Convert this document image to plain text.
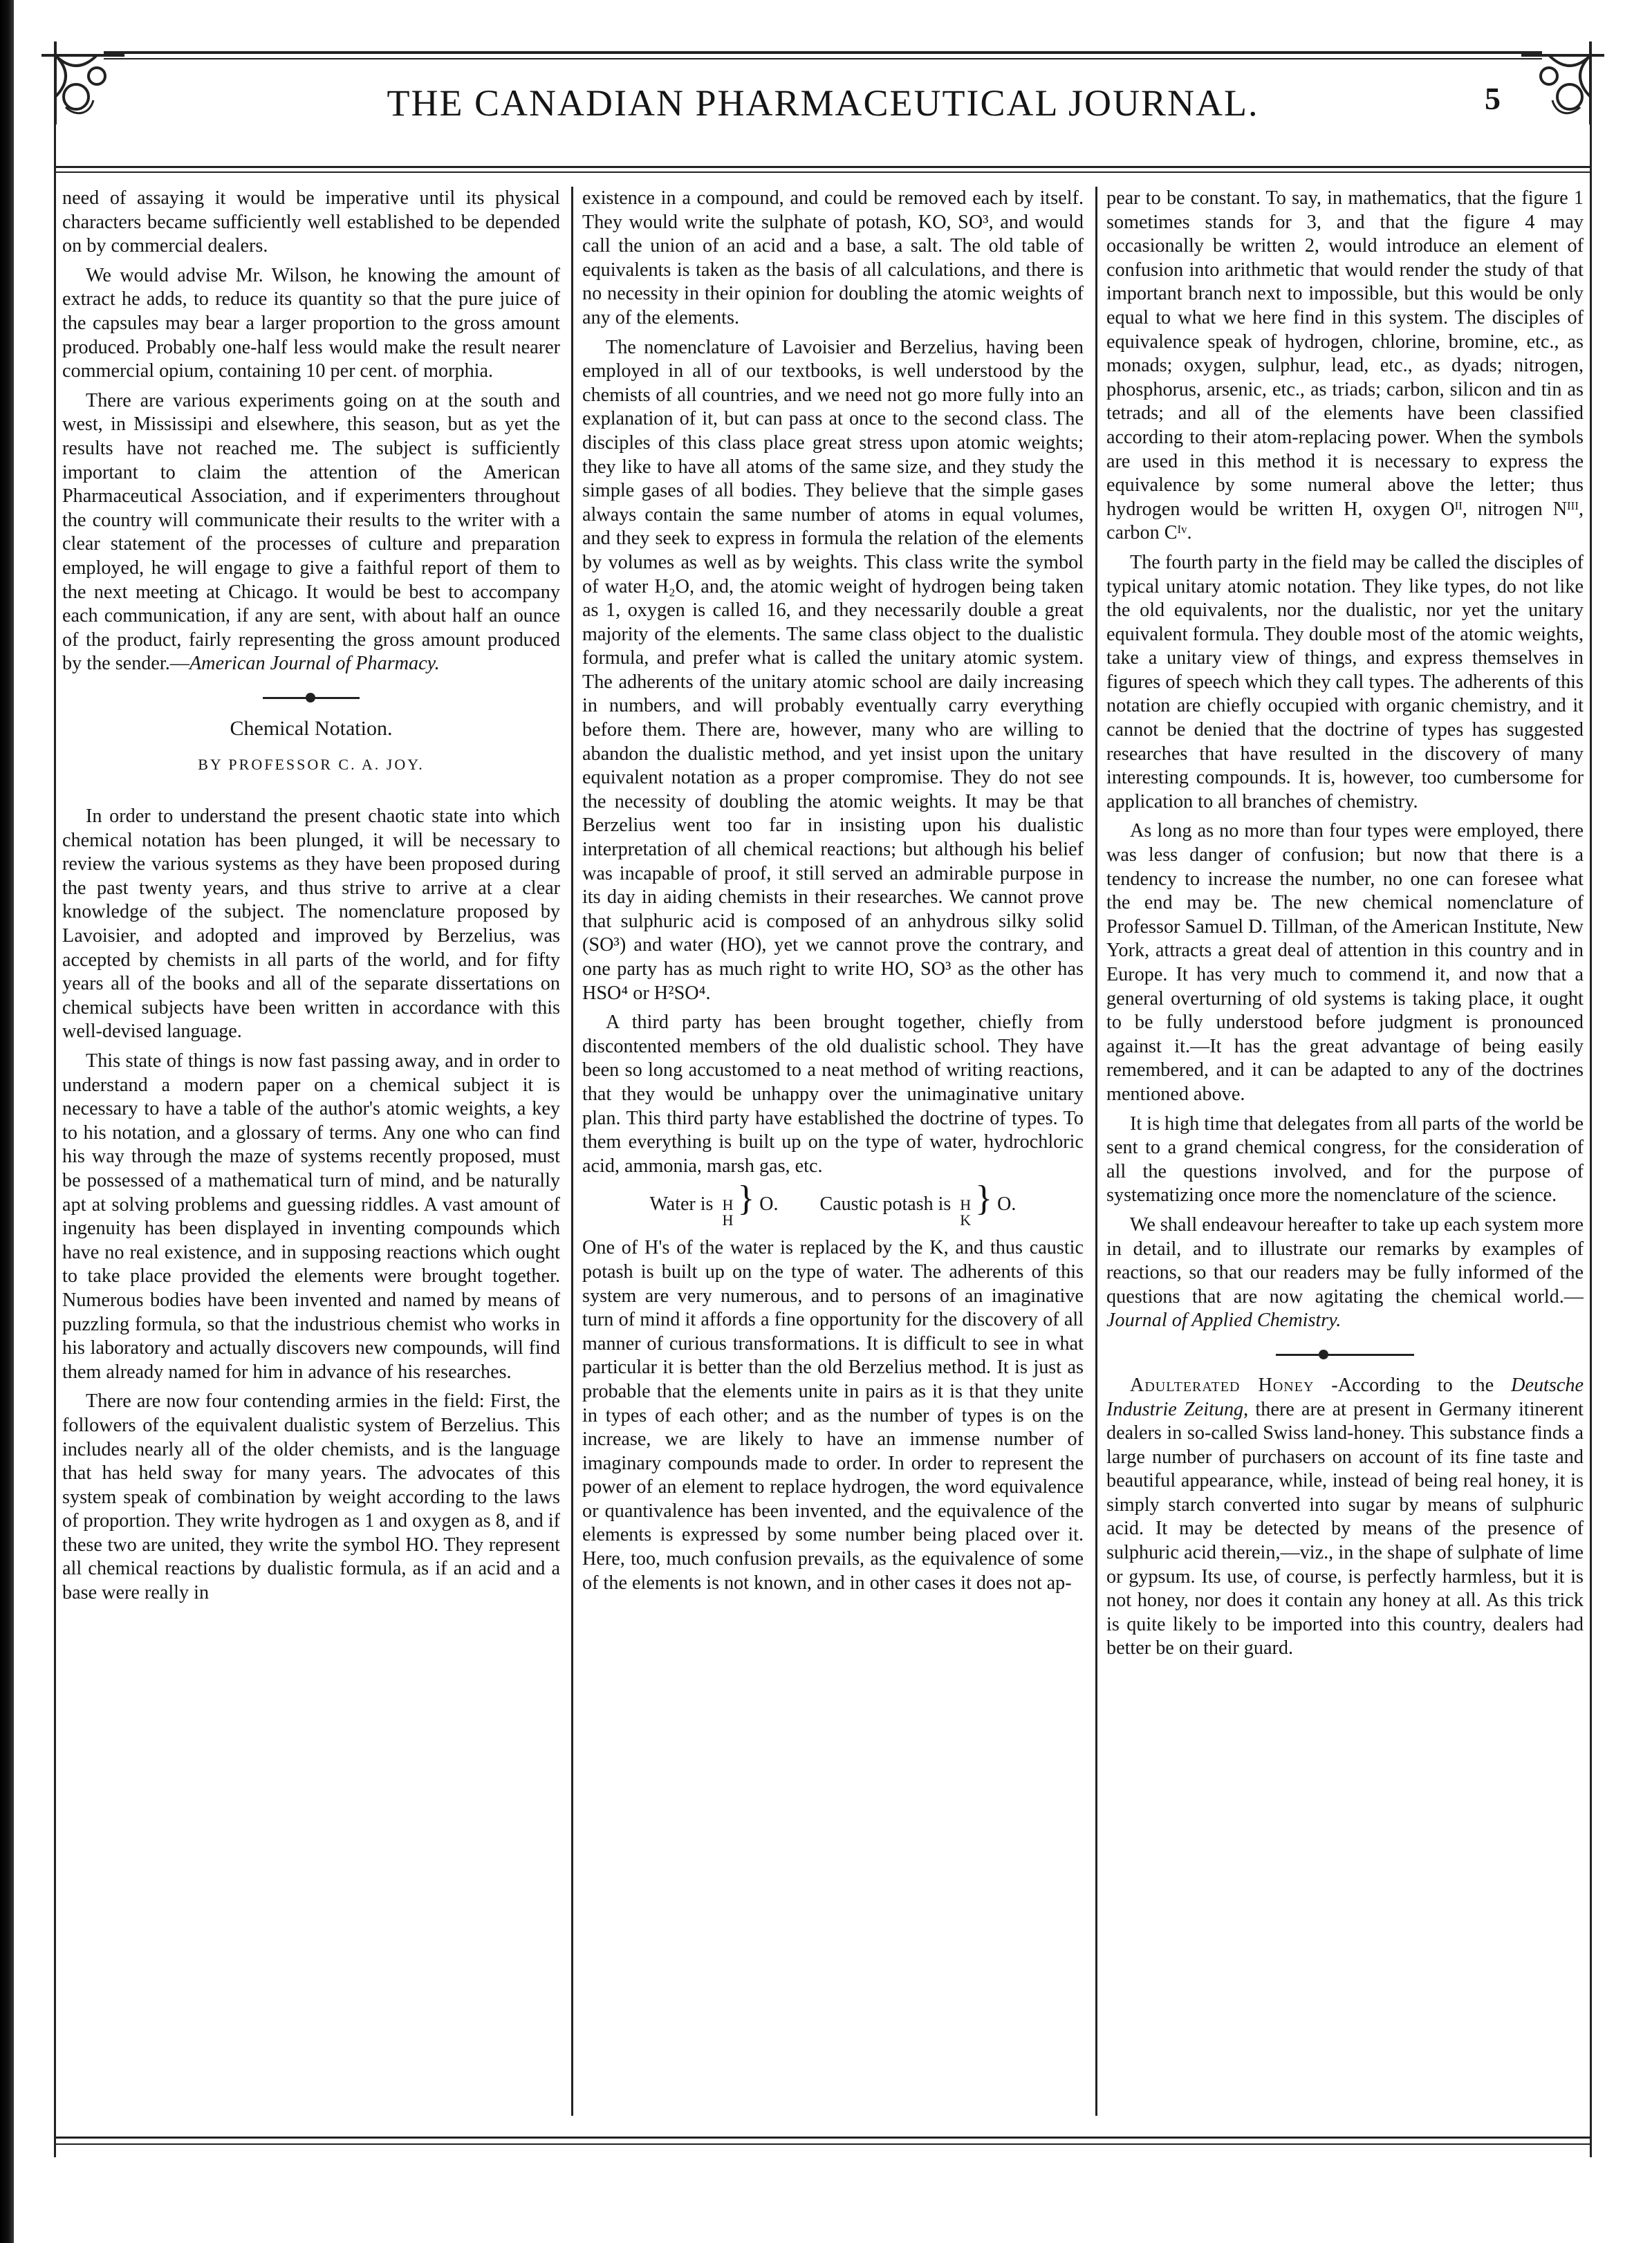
THE CANADIAN PHARMACEUTICAL JOURNAL.	5

need of assaying it would be imperative until its physical characters became sufficiently well established to be depended on by commercial dealers.

We would advise Mr. Wilson, he knowing the amount of extract he adds, to reduce its quantity so that the pure juice of the capsules may bear a larger proportion to the gross amount produced. Probably one-half less would make the result nearer commercial opium, containing 10 per cent. of morphia.

There are various experiments going on at the south and west, in Mississipi and elsewhere, this season, but as yet the results have not reached me. The subject is sufficiently important to claim the attention of the American Pharmaceutical Association, and if experimenters throughout the country will communicate their results to the writer with a clear statement of the processes of culture and preparation employed, he will engage to give a faithful report of them to the next meeting at Chicago. It would be best to accompany each communication, if any are sent, with about half an ounce of the product, fairly representing the gross amount produced by the sender.—American Journal of Pharmacy.

Chemical Notation.
BY PROFESSOR C. A. JOY.

In order to understand the present chaotic state into which chemical notation has been plunged, it will be necessary to review the various systems as they have been proposed during the past twenty years, and thus strive to arrive at a clear knowledge of the subject. The nomenclature proposed by Lavoisier, and adopted and improved by Berzelius, was accepted by chemists in all parts of the world, and for fifty years all of the books and all of the separate dissertations on chemical subjects have been written in accordance with this well-devised language.

This state of things is now fast passing away, and in order to understand a modern paper on a chemical subject it is necessary to have a table of the author's atomic weights, a key to his notation, and a glossary of terms. Any one who can find his way through the maze of systems recently proposed, must be possessed of a mathematical turn of mind, and be naturally apt at solving problems and guessing riddles. A vast amount of ingenuity has been displayed in inventing compounds which have no real existence, and in supposing reactions which ought to take place provided the elements were brought together. Numerous bodies have been invented and named by means of puzzling formula, so that the industrious chemist who works in his laboratory and actually discovers new compounds, will find them already named for him in advance of his researches.

There are now four contending armies in the field: First, the followers of the equivalent dualistic system of Berzelius. This includes nearly all of the older chemists, and is the language that has held sway for many years. The advocates of this system speak of combination by weight according to the laws of proportion. They write hydrogen as 1 and oxygen as 8, and if these two are united, they write the symbol HO. They represent all chemical reactions by dualistic formula, as if an acid and a base were really in

existence in a compound, and could be removed each by itself. They would write the sulphate of potash, KO, SO³, and would call the union of an acid and a base, a salt. The old table of equivalents is taken as the basis of all calculations, and there is no necessity in their opinion for doubling the atomic weights of any of the elements.

The nomenclature of Lavoisier and Berzelius, having been employed in all of our textbooks, is well understood by the chemists of all countries, and we need not go more fully into an explanation of it, but can pass at once to the second class. The disciples of this class place great stress upon atomic weights; they like to have all atoms of the same size, and they study the simple gases of all bodies. They believe that the simple gases always contain the same number of atoms in equal volumes, and they seek to express in formula the relation of the elements by volumes as well as by weights. This class write the symbol of water H₂O, and, the atomic weight of hydrogen being taken as 1, oxygen is called 16, and they necessarily double a great majority of the elements. The same class object to the dualistic formula, and prefer what is called the unitary atomic system. The adherents of the unitary atomic school are daily increasing in numbers, and will probably eventually carry everything before them. There are, however, many who are willing to abandon the dualistic method, and yet insist upon the unitary equivalent notation as a proper compromise. They do not see the necessity of doubling the atomic weights. It may be that Berzelius went too far in insisting upon his dualistic interpretation of all chemical reactions; but although his belief was incapable of proof, it still served an admirable purpose in its day in aiding chemists in their researches. We cannot prove that sulphuric acid is composed of an anhydrous silky solid (SO³) and water (HO), yet we cannot prove the contrary, and one party has as much right to write HO, SO³ as the other has HSO⁴ or H²SO⁴.

A third party has been brought together, chiefly from discontented members of the old dualistic school. They have been so long accustomed to a neat method of writing reactions, that they would be unhappy over the unimaginative unitary plan. This third party have established the doctrine of types. To them everything is built up on the type of water, hydrochloric acid, ammonia, marsh gas, etc.

Water is H
H
} O. Caustic potash is H
K
} O.

One of H's of the water is replaced by the K, and thus caustic potash is built up on the type of water. The adherents of this system are very numerous, and to persons of an imaginative turn of mind it affords a fine opportunity for the discovery of all manner of curious transformations. It is difficult to see in what particular it is better than the old Berzelius method. It is just as probable that the elements unite in pairs as it is that they unite in types of each other; and as the number of types is on the increase, we are likely to have an immense number of imaginary compounds made to order. In order to represent the power of an element to replace hydrogen, the word equivalence or quantivalence has been invented, and the equivalence of the elements is expressed by some number being placed over it. Here, too, much confusion prevails, as the equivalence of some of the elements is not known, and in other cases it does not ap-

pear to be constant. To say, in mathematics, that the figure 1 sometimes stands for 3, and that the figure 4 may occasionally be written 2, would introduce an element of confusion into arithmetic that would render the study of that important branch next to impossible, but this would be only equal to what we here find in this system. The disciples of equivalence speak of hydrogen, chlorine, bromine, etc., as monads; oxygen, sulphur, lead, etc., as dyads; nitrogen, phosphorus, arsenic, etc., as triads; carbon, silicon and tin as tetrads; and all of the elements have been classified according to their atom-replacing power. When the symbols are used in this method it is necessary to express the equivalence by some numeral above the letter; thus hydrogen would be written H, oxygen Oᴵᴵ, nitrogen Nᴵᴵᴵ, carbon Cᴵᵛ.

The fourth party in the field may be called the disciples of typical unitary atomic notation. They like types, do not like the old equivalents, nor the dualistic, nor yet the unitary equivalent formula. They double most of the atomic weights, take a unitary view of things, and express themselves in figures of speech which they call types. The adherents of this notation are chiefly occupied with organic chemistry, and it cannot be denied that the doctrine of types has suggested researches that have resulted in the discovery of many interesting compounds. It is, however, too cumbersome for application to all branches of chemistry.

As long as no more than four types were employed, there was less danger of confusion; but now that there is a tendency to increase the number, no one can foresee what the end may be. The new chemical nomenclature of Professor Samuel D. Tillman, of the American Institute, New York, attracts a great deal of attention in this country and in Europe. It has very much to commend it, and now that a general overturning of old systems is taking place, it ought to be fully understood before judgment is pronounced against it.—It has the great advantage of being easily remembered, and it can be adapted to any of the doctrines mentioned above.

It is high time that delegates from all parts of the world be sent to a grand chemical congress, for the consideration of all the questions involved, and for the purpose of systematizing once more the nomenclature of the science.

We shall endeavour hereafter to take up each system more in detail, and to illustrate our remarks by examples of reactions, so that our readers may be fully informed of the questions that are now agitating the chemical world.—Journal of Applied Chemistry.

Adulterated Honey -According to the Deutsche Industrie Zeitung, there are at present in Germany itinerent dealers in so-called Swiss land-honey. This substance finds a large number of purchasers on account of its fine taste and beautiful appearance, while, instead of being real honey, it is simply starch converted into sugar by means of sulphuric acid. It may be detected by means of the presence of sulphuric acid therein,—viz., in the shape of sulphate of lime or gypsum. Its use, of course, is perfectly harmless, but it is not honey, nor does it contain any honey at all. As this trick is quite likely to be imported into this country, dealers had better be on their guard.
